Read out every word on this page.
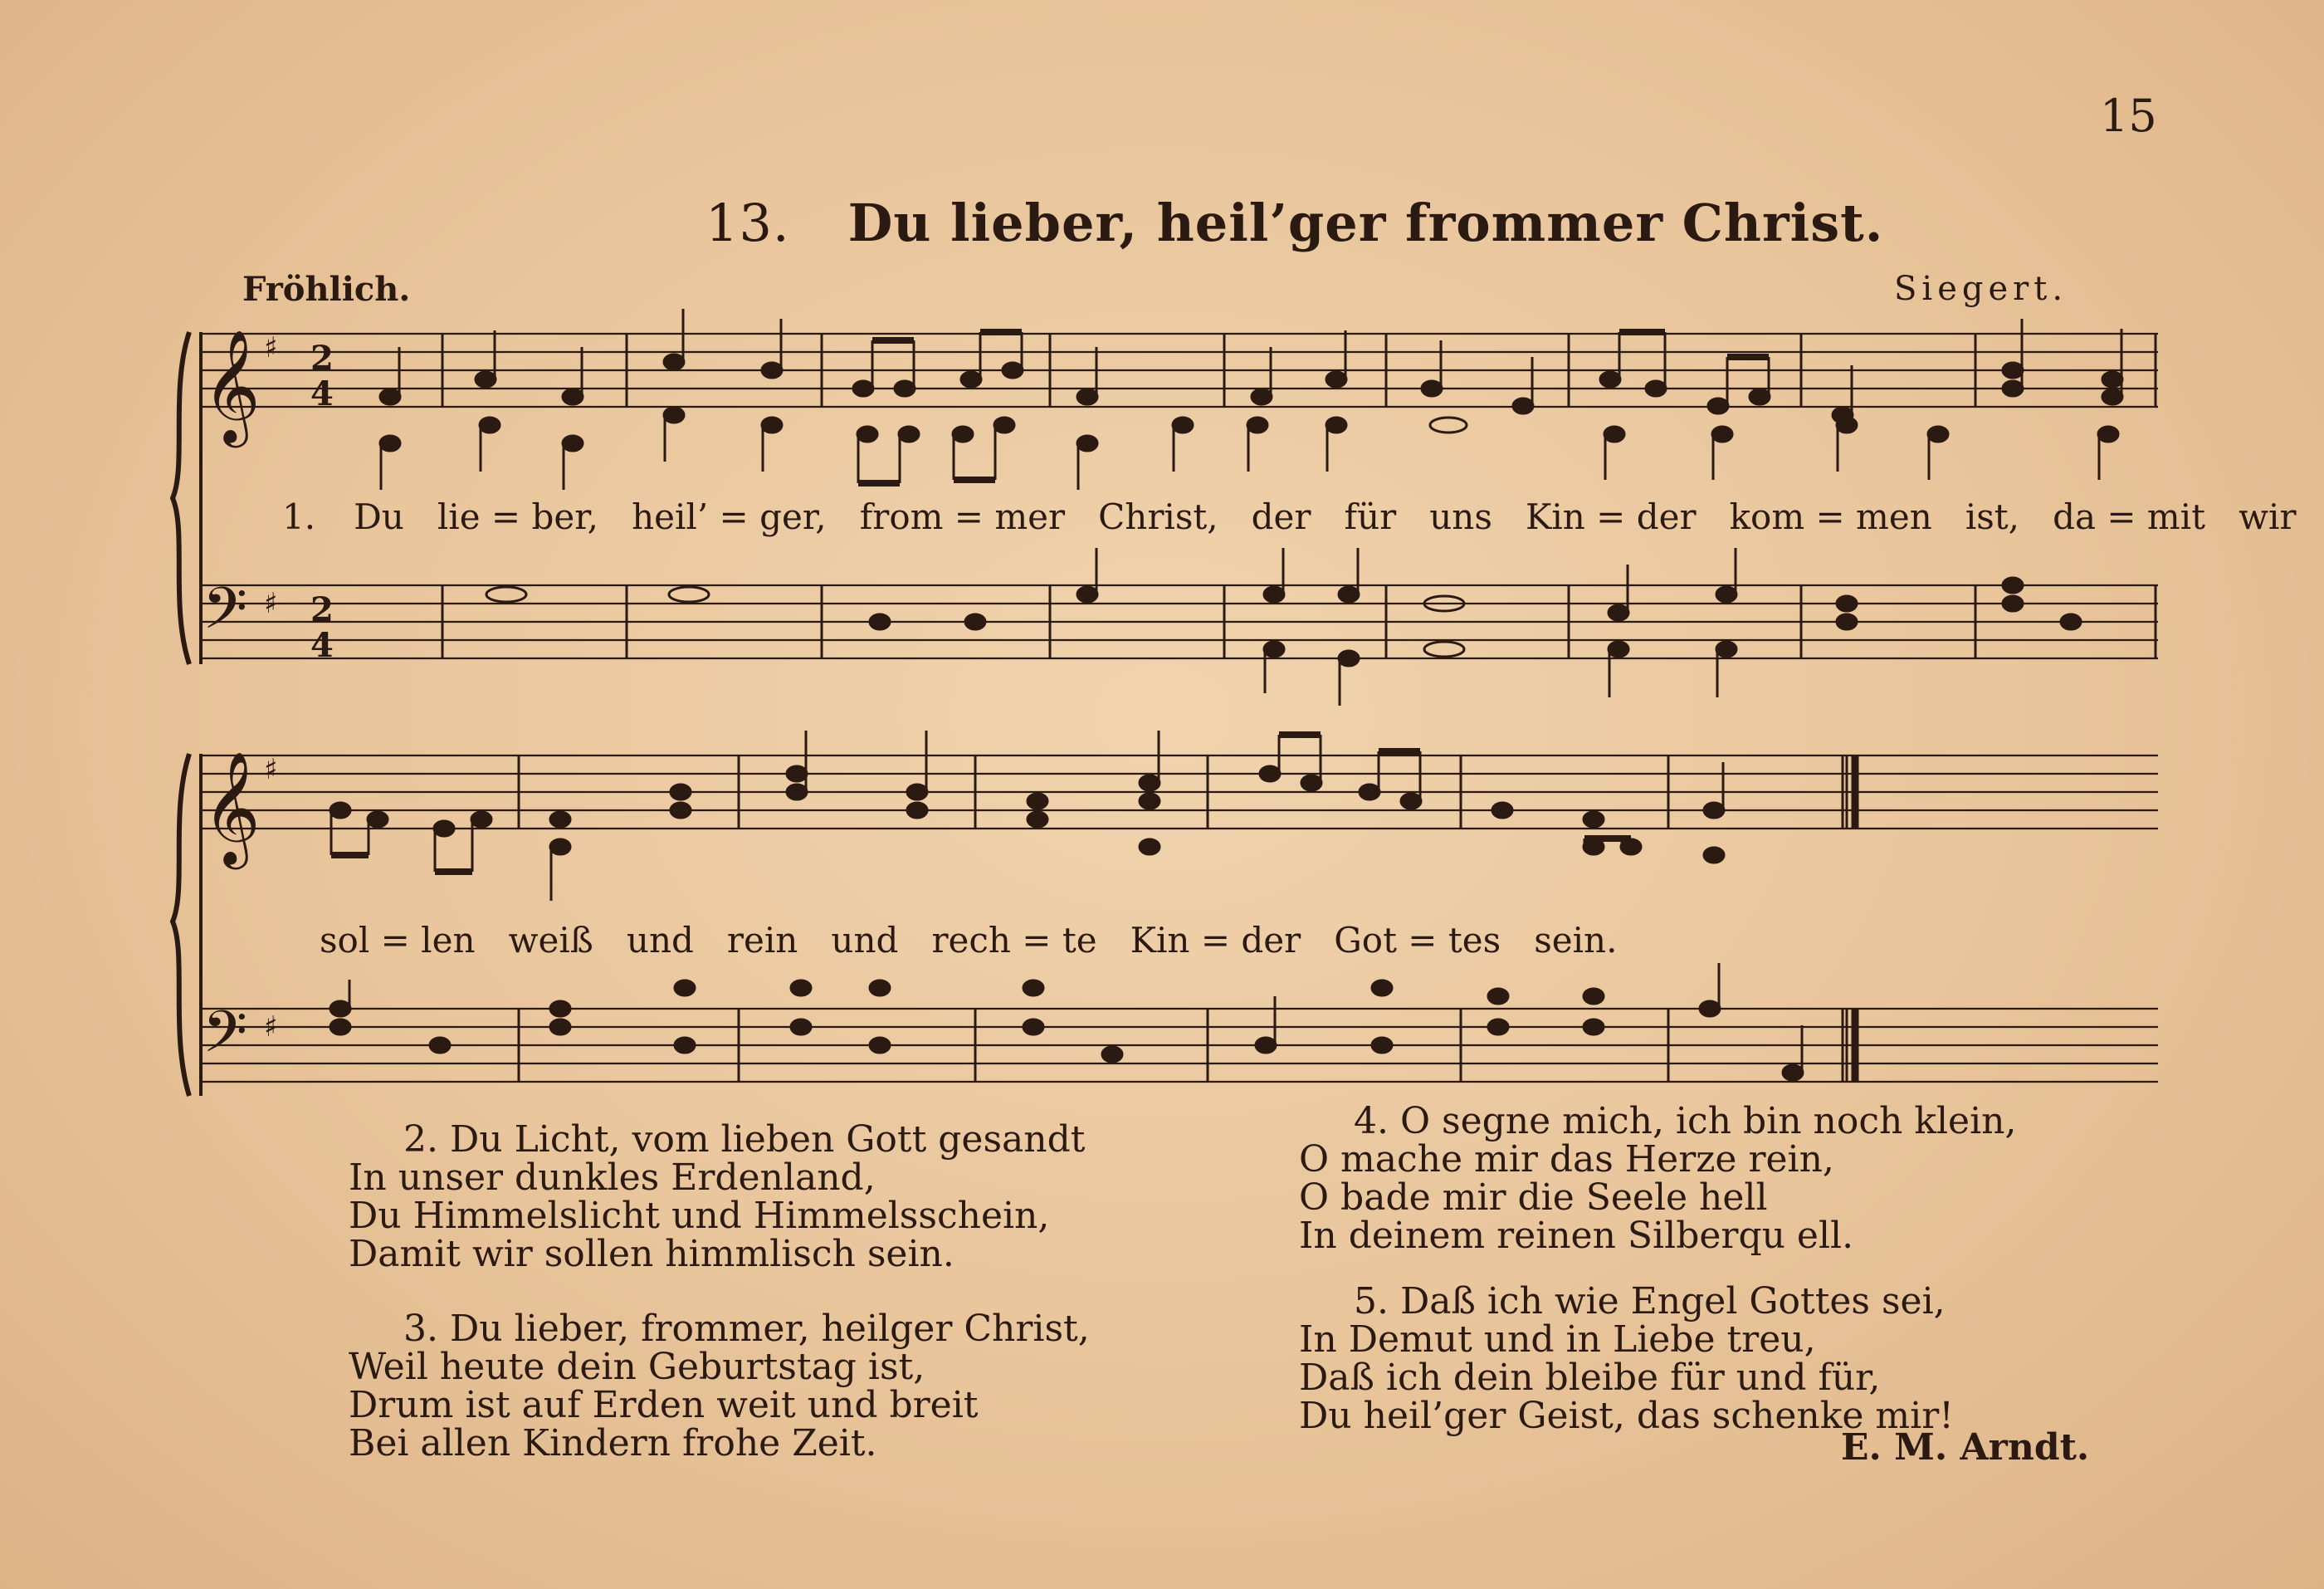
15
13. Du lieber, heil’ger frommer Christ.
Fröhlich.	Siegert.
𝄞
𝄢
♯
♯
2
4
2
4
𝄞
𝄢
♯
♯
1. Du   lie = ber,   heil’ = ger,   from = mer   Christ,   der   für   uns   Kin = der   kom = men   ist,   da = mit   wir
sol = len   weiß   und   rein   und   rech = te   Kin = der   Got = tes   sein.
2. Du Licht, vom lieben Gott gesandt
In unser dunkles Erdenland,
Du Himmelslicht und Himmelsschein,
Damit wir sollen himmlisch sein.
3. Du lieber, frommer, heilger Christ,
Weil heute dein Geburtstag ist,
Drum ist auf Erden weit und breit
Bei allen Kindern frohe Zeit.
4. O segne mich, ich bin noch klein,
O mache mir das Herze rein,
O bade mir die Seele hell
In deinem reinen Silberqu ell.
5. Daß ich wie Engel Gottes sei,
In Demut und in Liebe treu,
Daß ich dein bleibe für und für,
Du heil’ger Geist, das schenke mir!
E. M. Arndt.
